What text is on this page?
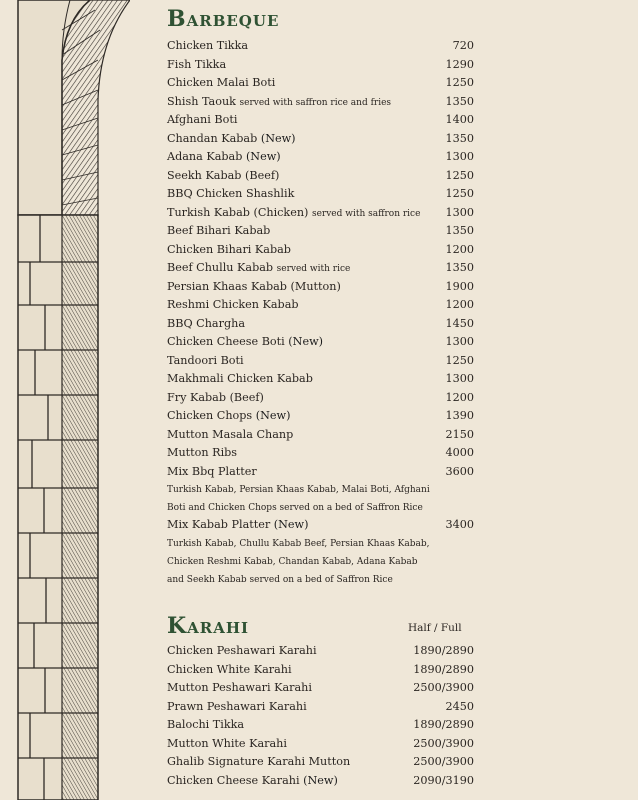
Barbeque
Chicken Tikka	720
Fish Tikka	1290
Chicken Malai Boti	1250
Shish Taouk served with saffron rice and fries	1350
Afghani Boti	1400
Chandan Kabab (New)	1350
Adana Kabab (New)	1300
Seekh Kabab (Beef)	1250
BBQ Chicken Shashlik	1250
Turkish Kabab (Chicken) served with saffron rice 1300
Beef Bihari Kabab	1350
Chicken Bihari Kabab	1200
Beef Chullu Kabab served with rice	1350
Persian Khaas Kabab (Mutton)	1900
Reshmi Chicken Kabab	1200
BBQ Chargha	1450
Chicken Cheese Boti (New)	1300
Tandoori Boti	1250
Makhmali Chicken Kabab	1300
Fry Kabab (Beef)	1200
Chicken Chops (New)	1390
Mutton Masala Chanp	2150
Mutton Ribs	4000
Mix Bbq Platter	3600
Turkish Kabab, Persian Khaas Kabab, Malai Boti, Afghani Boti and Chicken Chops served on a bed of Saffron Rice
Mix Kabab Platter (New)	3400
Turkish Kabab, Chullu Kabab Beef, Persian Khaas Kabab, Chicken Reshmi Kabab, Chandan Kabab, Adana Kabab and Seekh Kabab served on a bed of Saffron Rice
Karahi	Half / Full
Chicken Peshawari Karahi	1890/2890
Chicken White Karahi	1890/2890
Mutton Peshawari Karahi	2500/3900
Prawn Peshawari Karahi	2450
Balochi Tikka	1890/2890
Mutton White Karahi	2500/3900
Ghalib Signature Karahi Mutton	2500/3900
Chicken Cheese Karahi (New)	2090/3190
